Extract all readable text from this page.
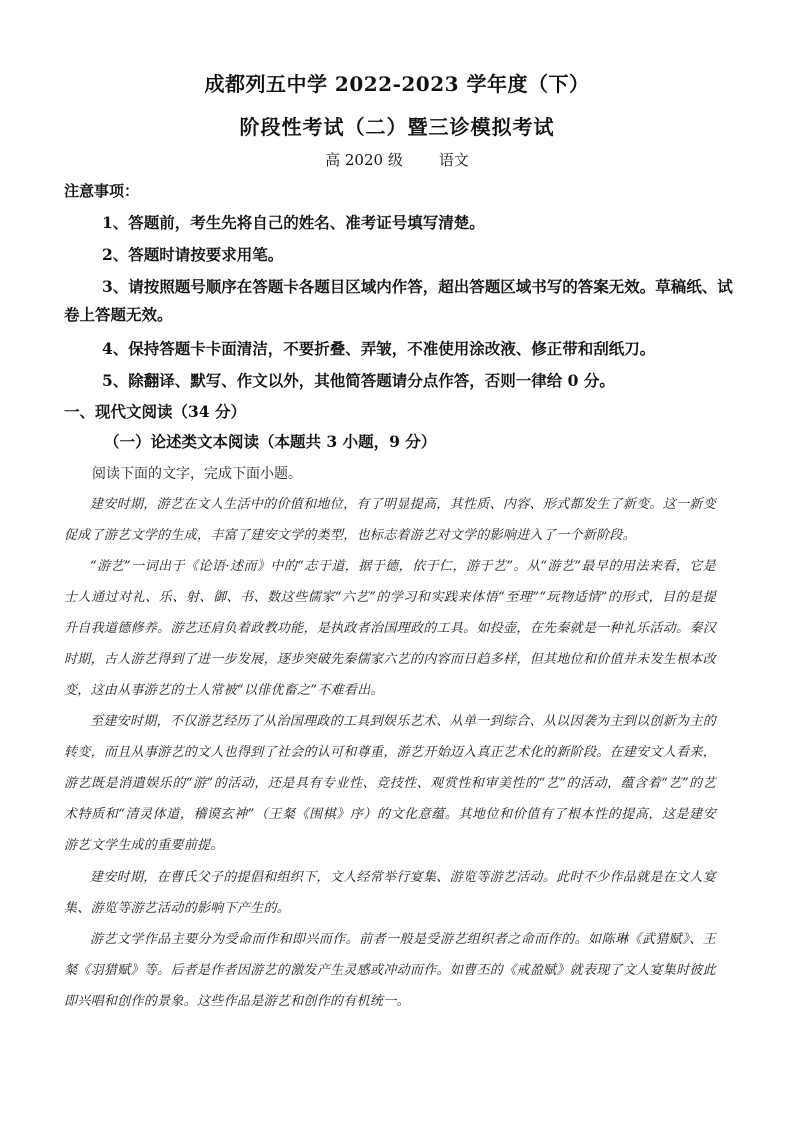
成都列五中学 2022-2023 学年度（下）
阶段性考试（二）暨三诊模拟考试
高 2020 级 语文
注意事项：
1、答题前，考生先将自己的姓名、准考证号填写清楚。
2、答题时请按要求用笔。
3、请按照题号顺序在答题卡各题目区域内作答，超出答题区域书写的答案无效。草稿纸、试卷上答题无效。
4、保持答题卡卡面清洁，不要折叠、弄皱，不准使用涂改液、修正带和刮纸刀。
5、除翻译、默写、作文以外，其他简答题请分点作答，否则一律给 0 分。
一、现代文阅读（34 分）
（一）论述类文本阅读（本题共 3 小题，9 分）
阅读下面的文字，完成下面小题。
建安时期，游艺在文人生活中的价值和地位，有了明显提高，其性质、内容、形式都发生了新变。这一新变促成了游艺文学的生成，丰富了建安文学的类型，也标志着游艺对文学的影响进入了一个新阶段。
“游艺”一词出于《论语·述而》中的“志于道，据于德，依于仁，游于艺”。从“游艺”最早的用法来看，它是士人通过对礼、乐、射、御、书、数这些儒家“六艺”的学习和实践来体悟“至理”“玩物适情”的形式，目的是提升自我道德修养。游艺还肩负着政教功能，是执政者治国理政的工具。如投壶，在先秦就是一种礼乐活动。秦汉时期，古人游艺得到了进一步发展，逐步突破先秦儒家六艺的内容而日趋多样，但其地位和价值并未发生根本改变，这由从事游艺的士人常被“以俳优畜之”不难看出。
至建安时期，不仅游艺经历了从治国理政的工具到娱乐艺术、从单一到综合、从以因袭为主到以创新为主的转变，而且从事游艺的文人也得到了社会的认可和尊重，游艺开始迈入真正艺术化的新阶段。在建安文人看来，游艺既是消遣娱乐的“游”的活动，还是具有专业性、竞技性、观赏性和审美性的“艺”的活动，蕴含着“艺”的艺术特质和“清灵体道，稽谟玄神”（王粲《围棋》序）的文化意蕴。其地位和价值有了根本性的提高，这是建安游艺文学生成的重要前提。
建安时期，在曹氏父子的提倡和组织下，文人经常举行宴集、游览等游艺活动。此时不少作品就是在文人宴集、游览等游艺活动的影响下产生的。
游艺文学作品主要分为受命而作和即兴而作。前者一般是受游艺组织者之命而作的。如陈琳《武猎赋》、王粲《羽猎赋》等。后者是作者因游艺的激发产生灵感或冲动而作。如曹丕的《戒盈赋》就表现了文人宴集时彼此即兴唱和创作的景象。这些作品是游艺和创作的有机统一。
